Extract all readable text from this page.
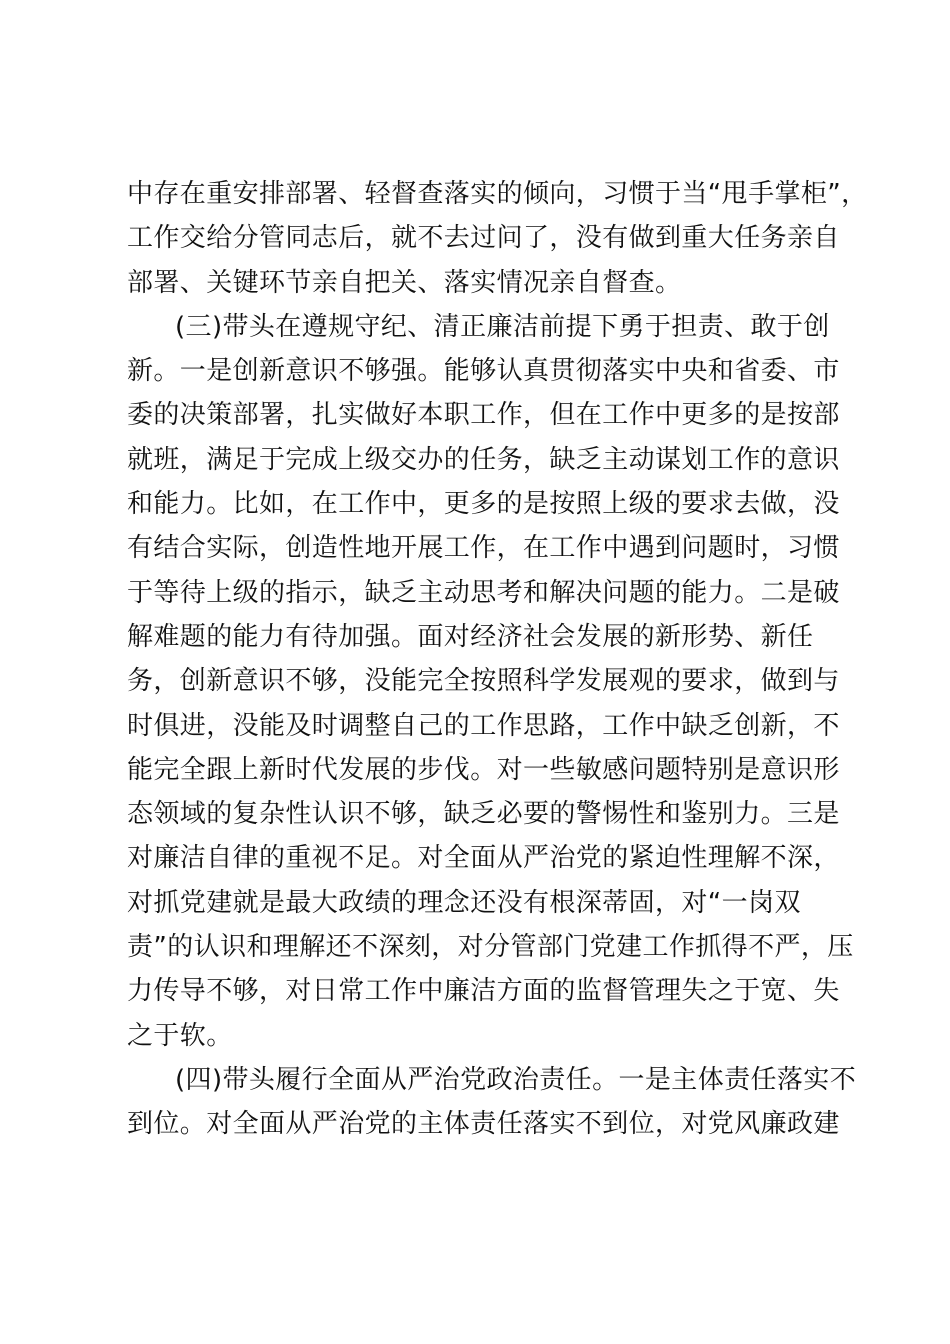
中存在重安排部署、轻督查落实的倾向，习惯于当“甩手掌柜”，
工作交给分管同志后，就不去过问了，没有做到重大任务亲自
部署、关键环节亲自把关、落实情况亲自督查。
(三)带头在遵规守纪、清正廉洁前提下勇于担责、敢于创
新。一是创新意识不够强。能够认真贯彻落实中央和省委、市
委的决策部署，扎实做好本职工作，但在工作中更多的是按部
就班，满足于完成上级交办的任务，缺乏主动谋划工作的意识
和能力。比如，在工作中，更多的是按照上级的要求去做，没
有结合实际，创造性地开展工作，在工作中遇到问题时，习惯
于等待上级的指示，缺乏主动思考和解决问题的能力。二是破
解难题的能力有待加强。面对经济社会发展的新形势、新任
务，创新意识不够，没能完全按照科学发展观的要求，做到与
时俱进，没能及时调整自己的工作思路，工作中缺乏创新，不
能完全跟上新时代发展的步伐。对一些敏感问题特别是意识形
态领域的复杂性认识不够，缺乏必要的警惕性和鉴别力。三是
对廉洁自律的重视不足。对全面从严治党的紧迫性理解不深，
对抓党建就是最大政绩的理念还没有根深蒂固，对“一岗双
责”的认识和理解还不深刻，对分管部门党建工作抓得不严，压
力传导不够，对日常工作中廉洁方面的监督管理失之于宽、失
之于软。
(四)带头履行全面从严治党政治责任。一是主体责任落实不
到位。对全面从严治党的主体责任落实不到位，对党风廉政建
